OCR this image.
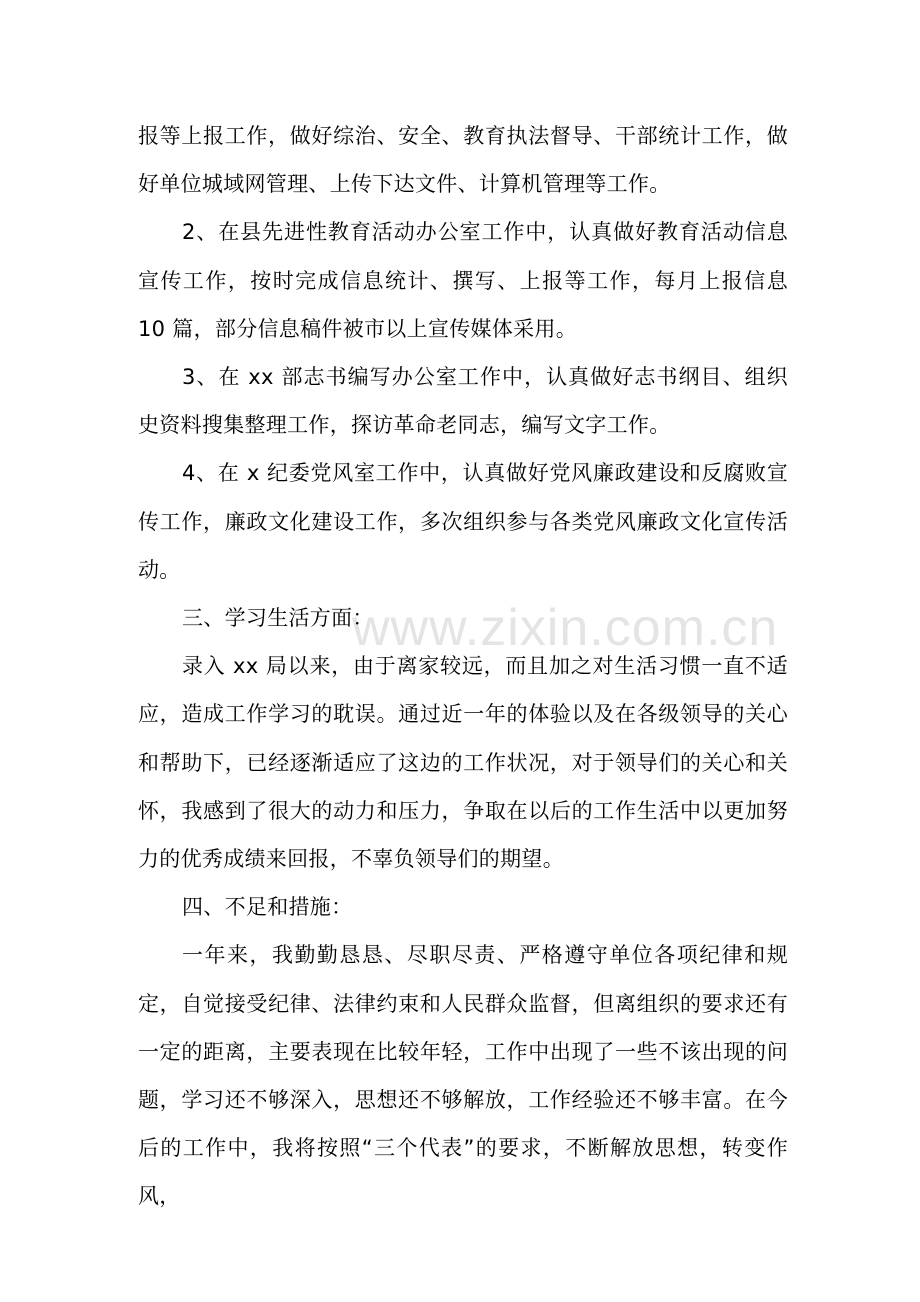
www.zixin.com.cn

报等上报工作，做好综治、安全、教育执法督导、干部统计工作，做好单位城域网管理、上传下达文件、计算机管理等工作。

2、在县先进性教育活动办公室工作中，认真做好教育活动信息宣传工作，按时完成信息统计、撰写、上报等工作，每月上报信息 10 篇，部分信息稿件被市以上宣传媒体采用。

3、在 xx 部志书编写办公室工作中，认真做好志书纲目、组织史资料搜集整理工作，探访革命老同志，编写文字工作。

4、在 x 纪委党风室工作中，认真做好党风廉政建设和反腐败宣传工作，廉政文化建设工作，多次组织参与各类党风廉政文化宣传活动。

三、学习生活方面：

录入 xx 局以来，由于离家较远，而且加之对生活习惯一直不适应，造成工作学习的耽误。通过近一年的体验以及在各级领导的关心和帮助下，已经逐渐适应了这边的工作状况，对于领导们的关心和关怀，我感到了很大的动力和压力，争取在以后的工作生活中以更加努力的优秀成绩来回报，不辜负领导们的期望。

四、不足和措施：

一年来，我勤勤恳恳、尽职尽责、严格遵守单位各项纪律和规定，自觉接受纪律、法律约束和人民群众监督，但离组织的要求还有一定的距离，主要表现在比较年轻，工作中出现了一些不该出现的问题，学习还不够深入，思想还不够解放，工作经验还不够丰富。在今后的工作中，我将按照“三个代表”的要求，不断解放思想，转变作风，
